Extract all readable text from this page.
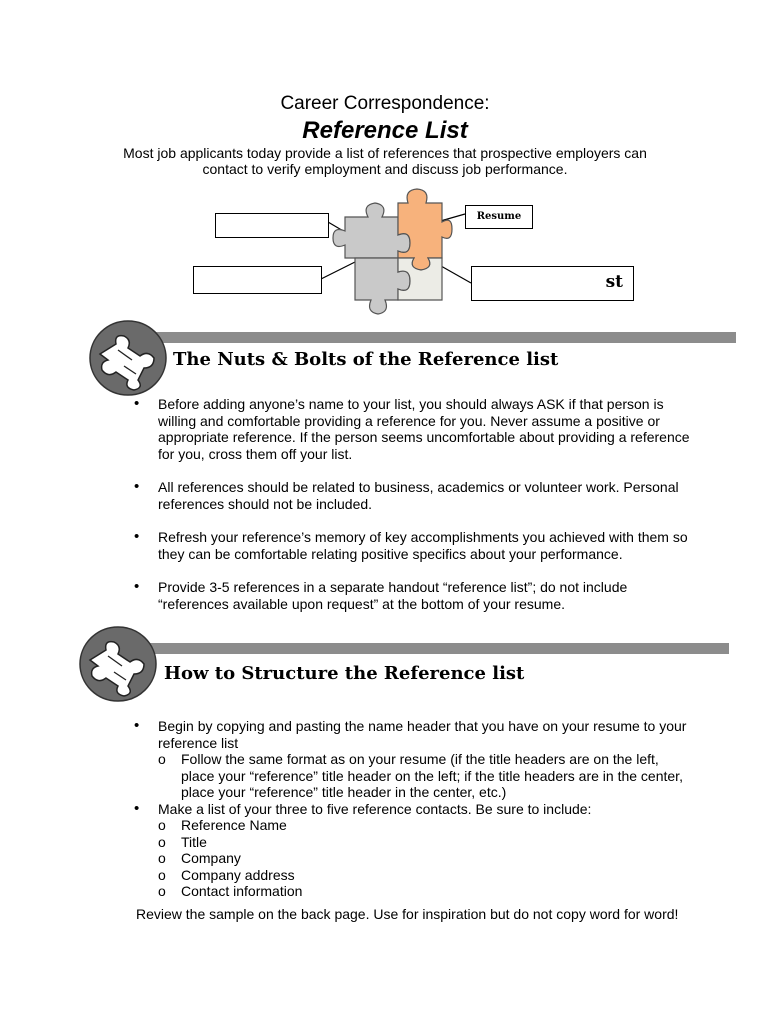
Career Correspondence:
Reference List
Most job applicants today provide a list of references that prospective employers can contact to verify employment and discuss job performance.
Resume
st
The Nuts & Bolts of the Reference list
• Before adding anyone’s name to your list, you should always ASK if that person is willing and comfortable providing a reference for you. Never assume a positive or appropriate reference. If the person seems uncomfortable about providing a reference for you, cross them off your list.
• All references should be related to business, academics or volunteer work. Personal references should not be included.
• Refresh your reference’s memory of key accomplishments you achieved with them so they can be comfortable relating positive specifics about your performance.
• Provide 3-5 references in a separate handout “reference list”; do not include “references available upon request” at the bottom of your resume.
How to Structure the Reference list
• Begin by copying and pasting the name header that you have on your resume to your reference list
o Follow the same format as on your resume (if the title headers are on the left, place your “reference” title header on the left; if the title headers are in the center, place your “reference” title header in the center, etc.)
• Make a list of your three to five reference contacts. Be sure to include:
o Reference Name
o Title
o Company
o Company address
o Contact information
Review the sample on the back page. Use for inspiration but do not copy word for word!
